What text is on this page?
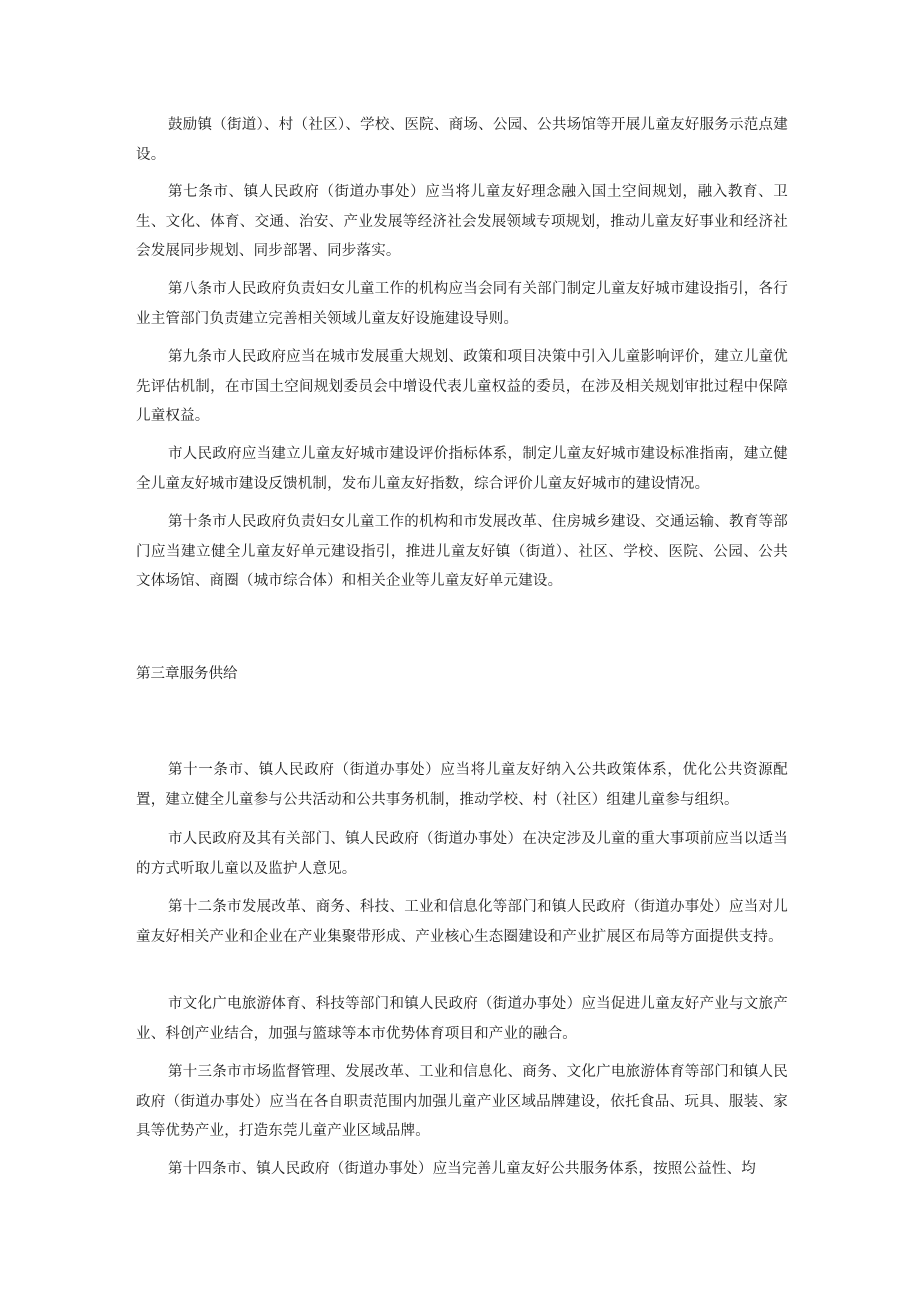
鼓励镇（街道）、村（社区）、学校、医院、商场、公园、公共场馆等开展儿童友好服务示范点建设。

第七条市、镇人民政府（街道办事处）应当将儿童友好理念融入国土空间规划，融入教育、卫生、文化、体育、交通、治安、产业发展等经济社会发展领域专项规划，推动儿童友好事业和经济社会发展同步规划、同步部署、同步落实。

第八条市人民政府负责妇女儿童工作的机构应当会同有关部门制定儿童友好城市建设指引，各行业主管部门负责建立完善相关领域儿童友好设施建设导则。

第九条市人民政府应当在城市发展重大规划、政策和项目决策中引入儿童影响评价，建立儿童优先评估机制，在市国土空间规划委员会中增设代表儿童权益的委员，在涉及相关规划审批过程中保障儿童权益。

市人民政府应当建立儿童友好城市建设评价指标体系，制定儿童友好城市建设标准指南，建立健全儿童友好城市建设反馈机制，发布儿童友好指数，综合评价儿童友好城市的建设情况。

第十条市人民政府负责妇女儿童工作的机构和市发展改革、住房城乡建设、交通运输、教育等部门应当建立健全儿童友好单元建设指引，推进儿童友好镇（街道）、社区、学校、医院、公园、公共文体场馆、商圈（城市综合体）和相关企业等儿童友好单元建设。

第三章服务供给

第十一条市、镇人民政府（街道办事处）应当将儿童友好纳入公共政策体系，优化公共资源配置，建立健全儿童参与公共活动和公共事务机制，推动学校、村（社区）组建儿童参与组织。

市人民政府及其有关部门、镇人民政府（街道办事处）在决定涉及儿童的重大事项前应当以适当的方式听取儿童以及监护人意见。

第十二条市发展改革、商务、科技、工业和信息化等部门和镇人民政府（街道办事处）应当对儿童友好相关产业和企业在产业集聚带形成、产业核心生态圈建设和产业扩展区布局等方面提供支持。

市文化广电旅游体育、科技等部门和镇人民政府（街道办事处）应当促进儿童友好产业与文旅产业、科创产业结合，加强与篮球等本市优势体育项目和产业的融合。

第十三条市市场监督管理、发展改革、工业和信息化、商务、文化广电旅游体育等部门和镇人民政府（街道办事处）应当在各自职责范围内加强儿童产业区域品牌建设，依托食品、玩具、服装、家具等优势产业，打造东莞儿童产业区域品牌。

第十四条市、镇人民政府（街道办事处）应当完善儿童友好公共服务体系，按照公益性、均
